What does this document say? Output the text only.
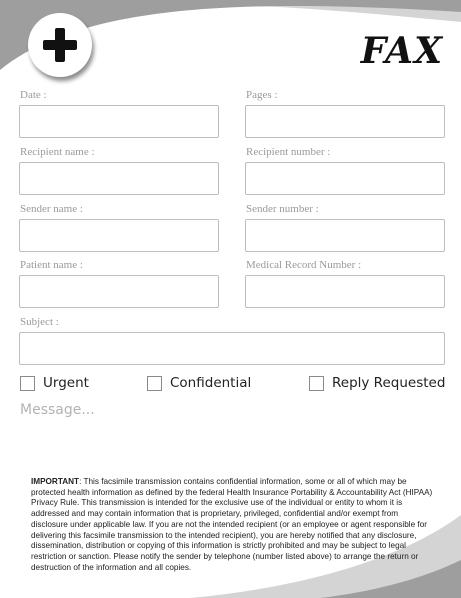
FAX
Date :	Pages :
Recipient name :	Recipient number :
Sender name :	Sender number :
Patient name :	Medical Record Number :
Subject :
Urgent	Confidential	Reply Requested
Message...
IMPORTANT: This facsimile transmission contains confidential information, some or all of which may be protected health information as defined by the federal Health Insurance Portability & Accountability Act (HIPAA) Privacy Rule. This transmission is intended for the exclusive use of the individual or entity to whom it is addressed and may contain information that is proprietary, privileged, confidential and/or exempt from disclosure under applicable law. If you are not the intended recipient (or an employee or agent responsible for delivering this facsimile transmission to the intended recipient), you are hereby notified that any disclosure, dissemination, distribution or copying of this information is strictly prohibited and may be subject to legal restriction or sanction. Please notify the sender by telephone (number listed above) to arrange the return or destruction of the information and all copies.
